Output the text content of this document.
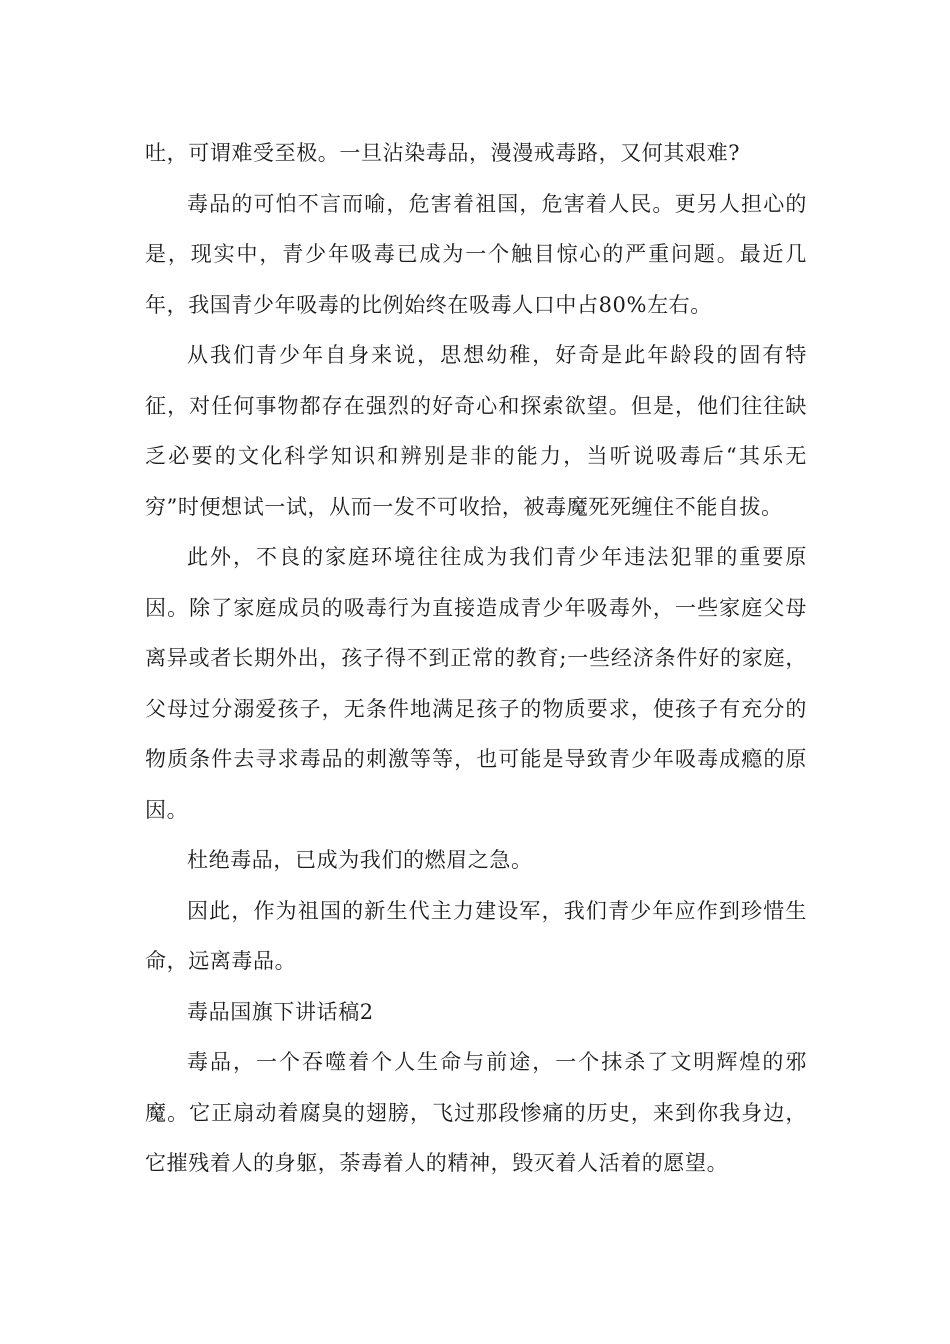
吐，可谓难受至极。一旦沾染毒品，漫漫戒毒路，又何其艰难?

毒品的可怕不言而喻，危害着祖国，危害着人民。更另人担心的是，现实中，青少年吸毒已成为一个触目惊心的严重问题。最近几年，我国青少年吸毒的比例始终在吸毒人口中占80%左右。

从我们青少年自身来说，思想幼稚，好奇是此年龄段的固有特征，对任何事物都存在强烈的好奇心和探索欲望。但是，他们往往缺乏必要的文化科学知识和辨别是非的能力，当听说吸毒后“其乐无穷”时便想试一试，从而一发不可收拾，被毒魔死死缠住不能自拔。

此外，不良的家庭环境往往成为我们青少年违法犯罪的重要原因。除了家庭成员的吸毒行为直接造成青少年吸毒外，一些家庭父母离异或者长期外出，孩子得不到正常的教育;一些经济条件好的家庭，父母过分溺爱孩子，无条件地满足孩子的物质要求，使孩子有充分的物质条件去寻求毒品的刺激等等，也可能是导致青少年吸毒成瘾的原因。

杜绝毒品，已成为我们的燃眉之急。

因此，作为祖国的新生代主力建设军，我们青少年应作到珍惜生命，远离毒品。

毒品国旗下讲话稿2

毒品，一个吞噬着个人生命与前途，一个抹杀了文明辉煌的邪魔。它正扇动着腐臭的翅膀，飞过那段惨痛的历史，来到你我身边，它摧残着人的身躯，荼毒着人的精神，毁灭着人活着的愿望。
